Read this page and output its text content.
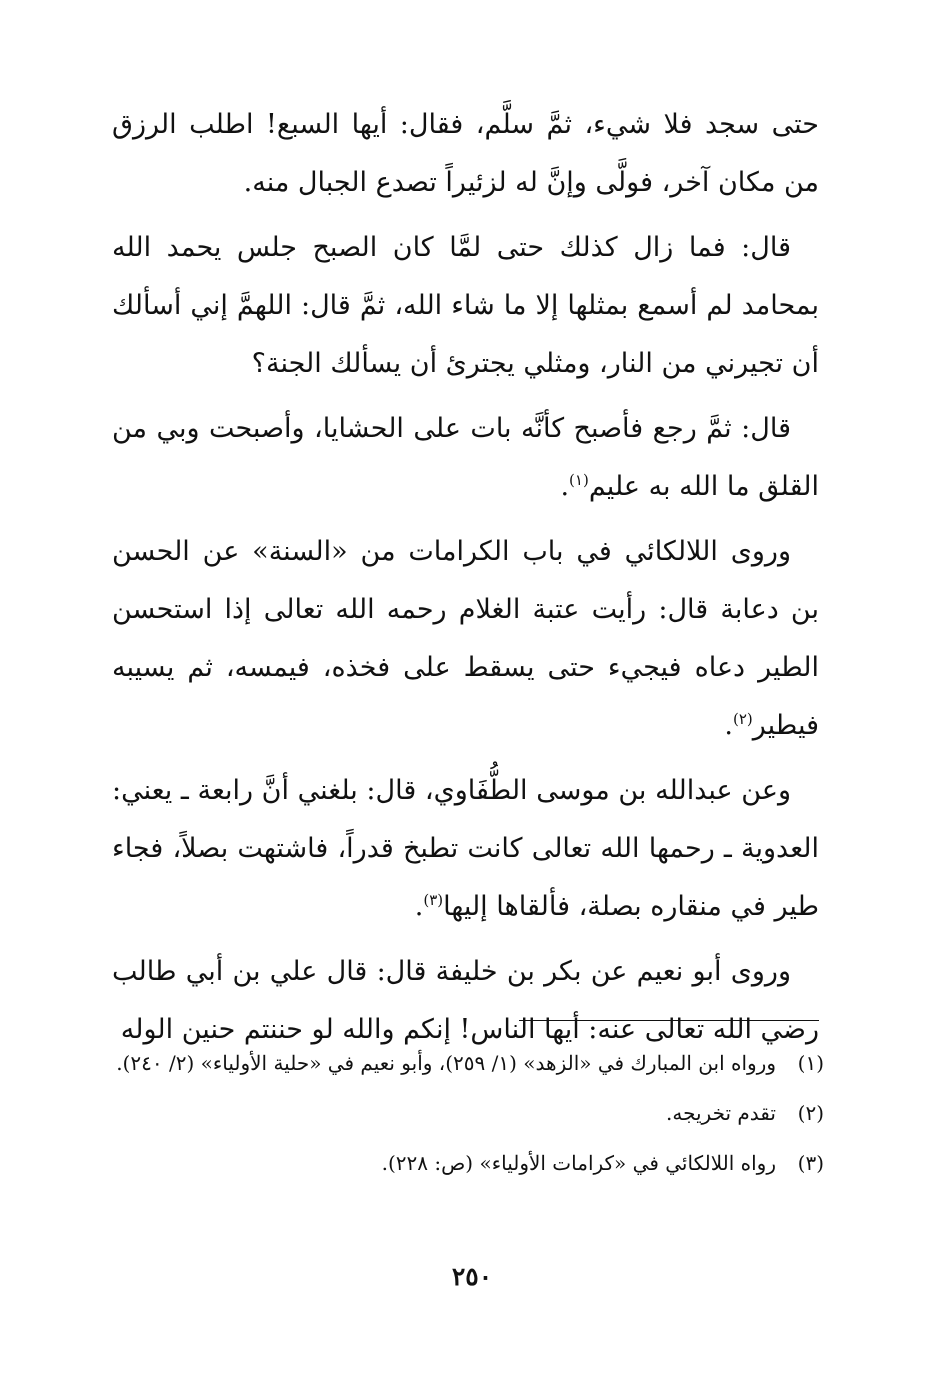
حتى سجد فلا شيء، ثمَّ سلَّم، فقال: أيها السبع! اطلب الرزق من مكان آخر، فولَّى وإنَّ له لزئيراً تصدع الجبال منه.

قال: فما زال كذلك حتى لمَّا كان الصبح جلس يحمد الله بمحامد لم أسمع بمثلها إلا ما شاء الله، ثمَّ قال: اللهمَّ إني أسألك أن تجيرني من النار، ومثلي يجترئ أن يسألك الجنة؟

قال: ثمَّ رجع فأصبح كأنَّه بات على الحشايا، وأصبحت وبي من القلق ما الله به عليم$^{(١)}$.

وروى اللالكائي في باب الكرامات من «السنة» عن الحسن بن دعابة قال: رأيت عتبة الغلام رحمه الله تعالى إذا استحسن الطير دعاه فيجيء حتى يسقط على فخذه، فيمسه، ثم يسيبه فيطير$^{(٢)}$.

وعن عبدالله بن موسى الطُّفَاوي، قال: بلغني أنَّ رابعة ـ يعني: العدوية ـ رحمها الله تعالى كانت تطبخ قدراً، فاشتهت بصلاً، فجاء طير في منقاره بصلة، فألقاها إليها$^{(٣)}$.

وروى أبو نعيم عن بكر بن خليفة قال: قال علي بن أبي طالب رضي الله تعالى عنه: أيها الناس! إنكم والله لو حننتم حنين الوله

(١)
ورواه ابن المبارك في «الزهد» (١/ ٢٥٩)، وأبو نعيم في «حلية الأولياء» (٢/ ٢٤٠).
(٢)
تقدم تخريجه.
(٣)
رواه اللالكائي في «كرامات الأولياء» (ص: ٢٢٨).
٢٥٠
